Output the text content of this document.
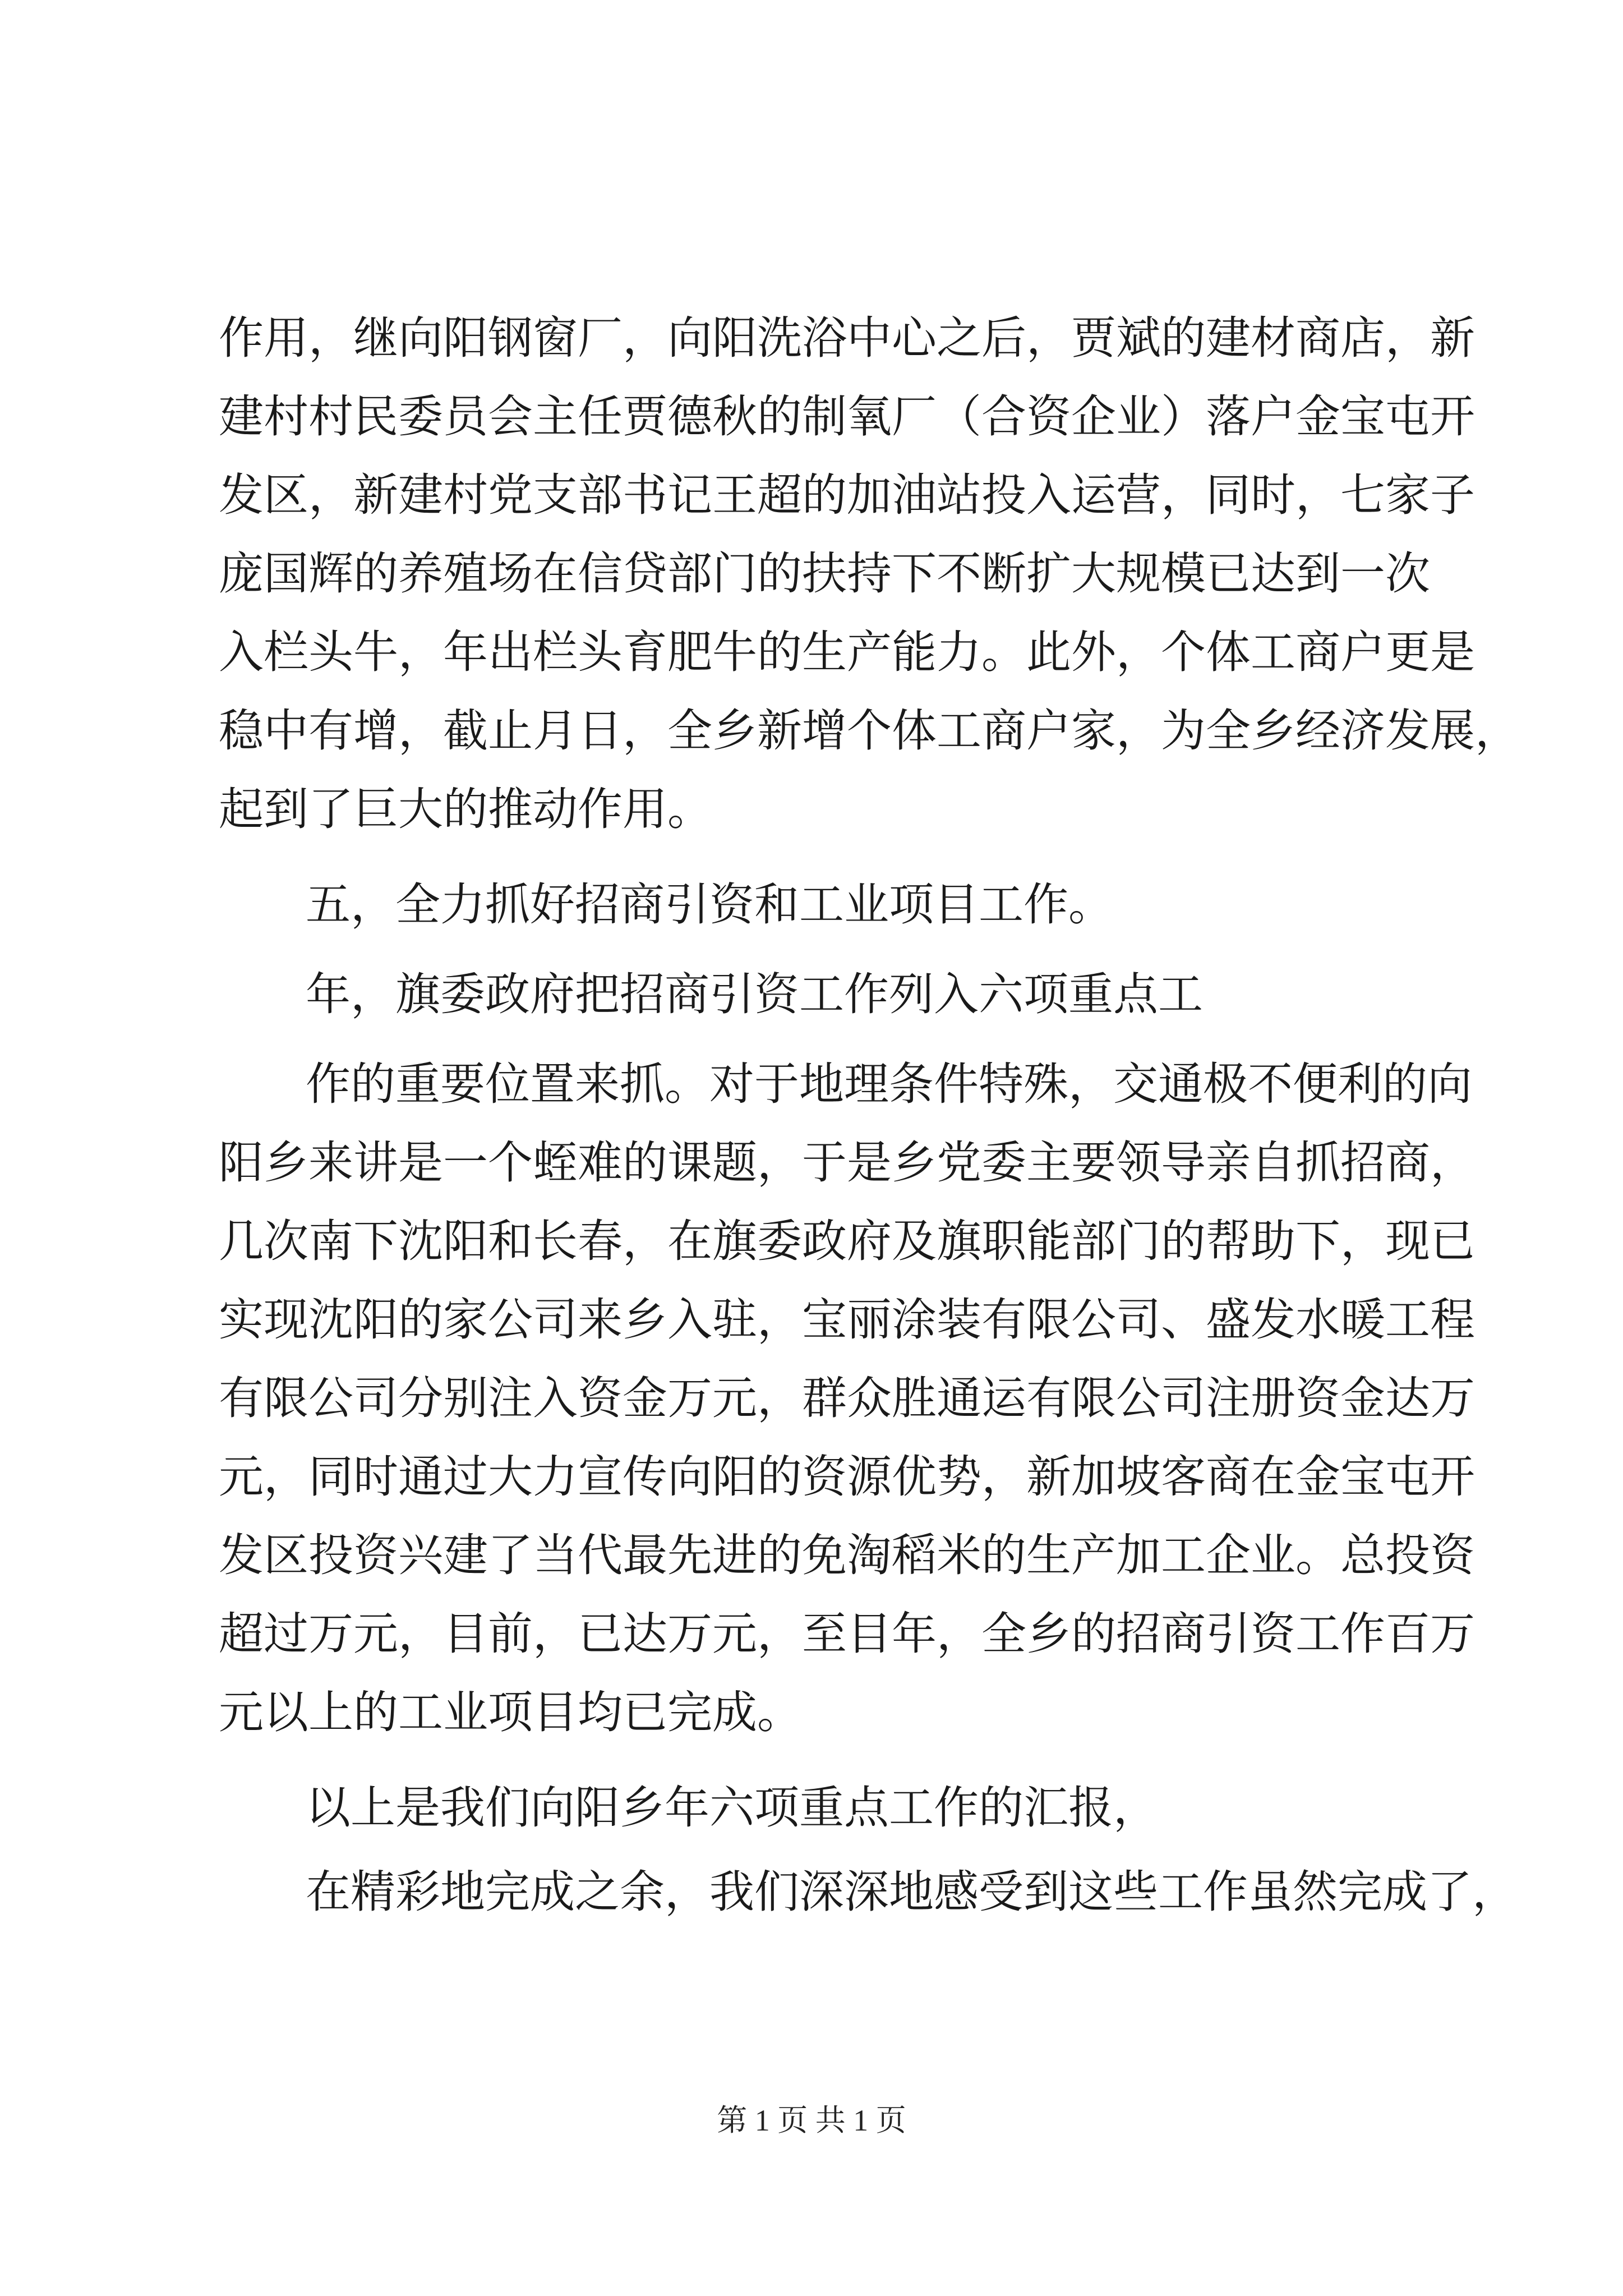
作用，继向阳钢窗厂，向阳洗浴中心之后，贾斌的建材商店，新
建村村民委员会主任贾德秋的制氧厂（合资企业）落户金宝屯开
发区，新建村党支部书记王超的加油站投入运营，同时，七家子
庞国辉的养殖场在信贷部门的扶持下不断扩大规模已达到一次
入栏头牛，年出栏头育肥牛的生产能力。此外，个体工商户更是
稳中有增，截止月日，全乡新增个体工商户家，为全乡经济发展，
起到了巨大的推动作用。
五，全力抓好招商引资和工业项目工作。
年，旗委政府把招商引资工作列入六项重点工
作的重要位置来抓。对于地理条件特殊，交通极不便利的向
阳乡来讲是一个蛭难的课题，于是乡党委主要领导亲自抓招商，
几次南下沈阳和长春，在旗委政府及旗职能部门的帮助下，现已
实现沈阳的家公司来乡入驻，宝丽涂装有限公司、盛发水暖工程
有限公司分别注入资金万元，群众胜通运有限公司注册资金达万
元，同时通过大力宣传向阳的资源优势，新加坡客商在金宝屯开
发区投资兴建了当代最先进的免淘稻米的生产加工企业。总投资
超过万元，目前，已达万元，至目年，全乡的招商引资工作百万
元以上的工业项目均已完成。
以上是我们向阳乡年六项重点工作的汇报，
在精彩地完成之余，我们深深地感受到这些工作虽然完成了，
第 1 页 共 1 页
